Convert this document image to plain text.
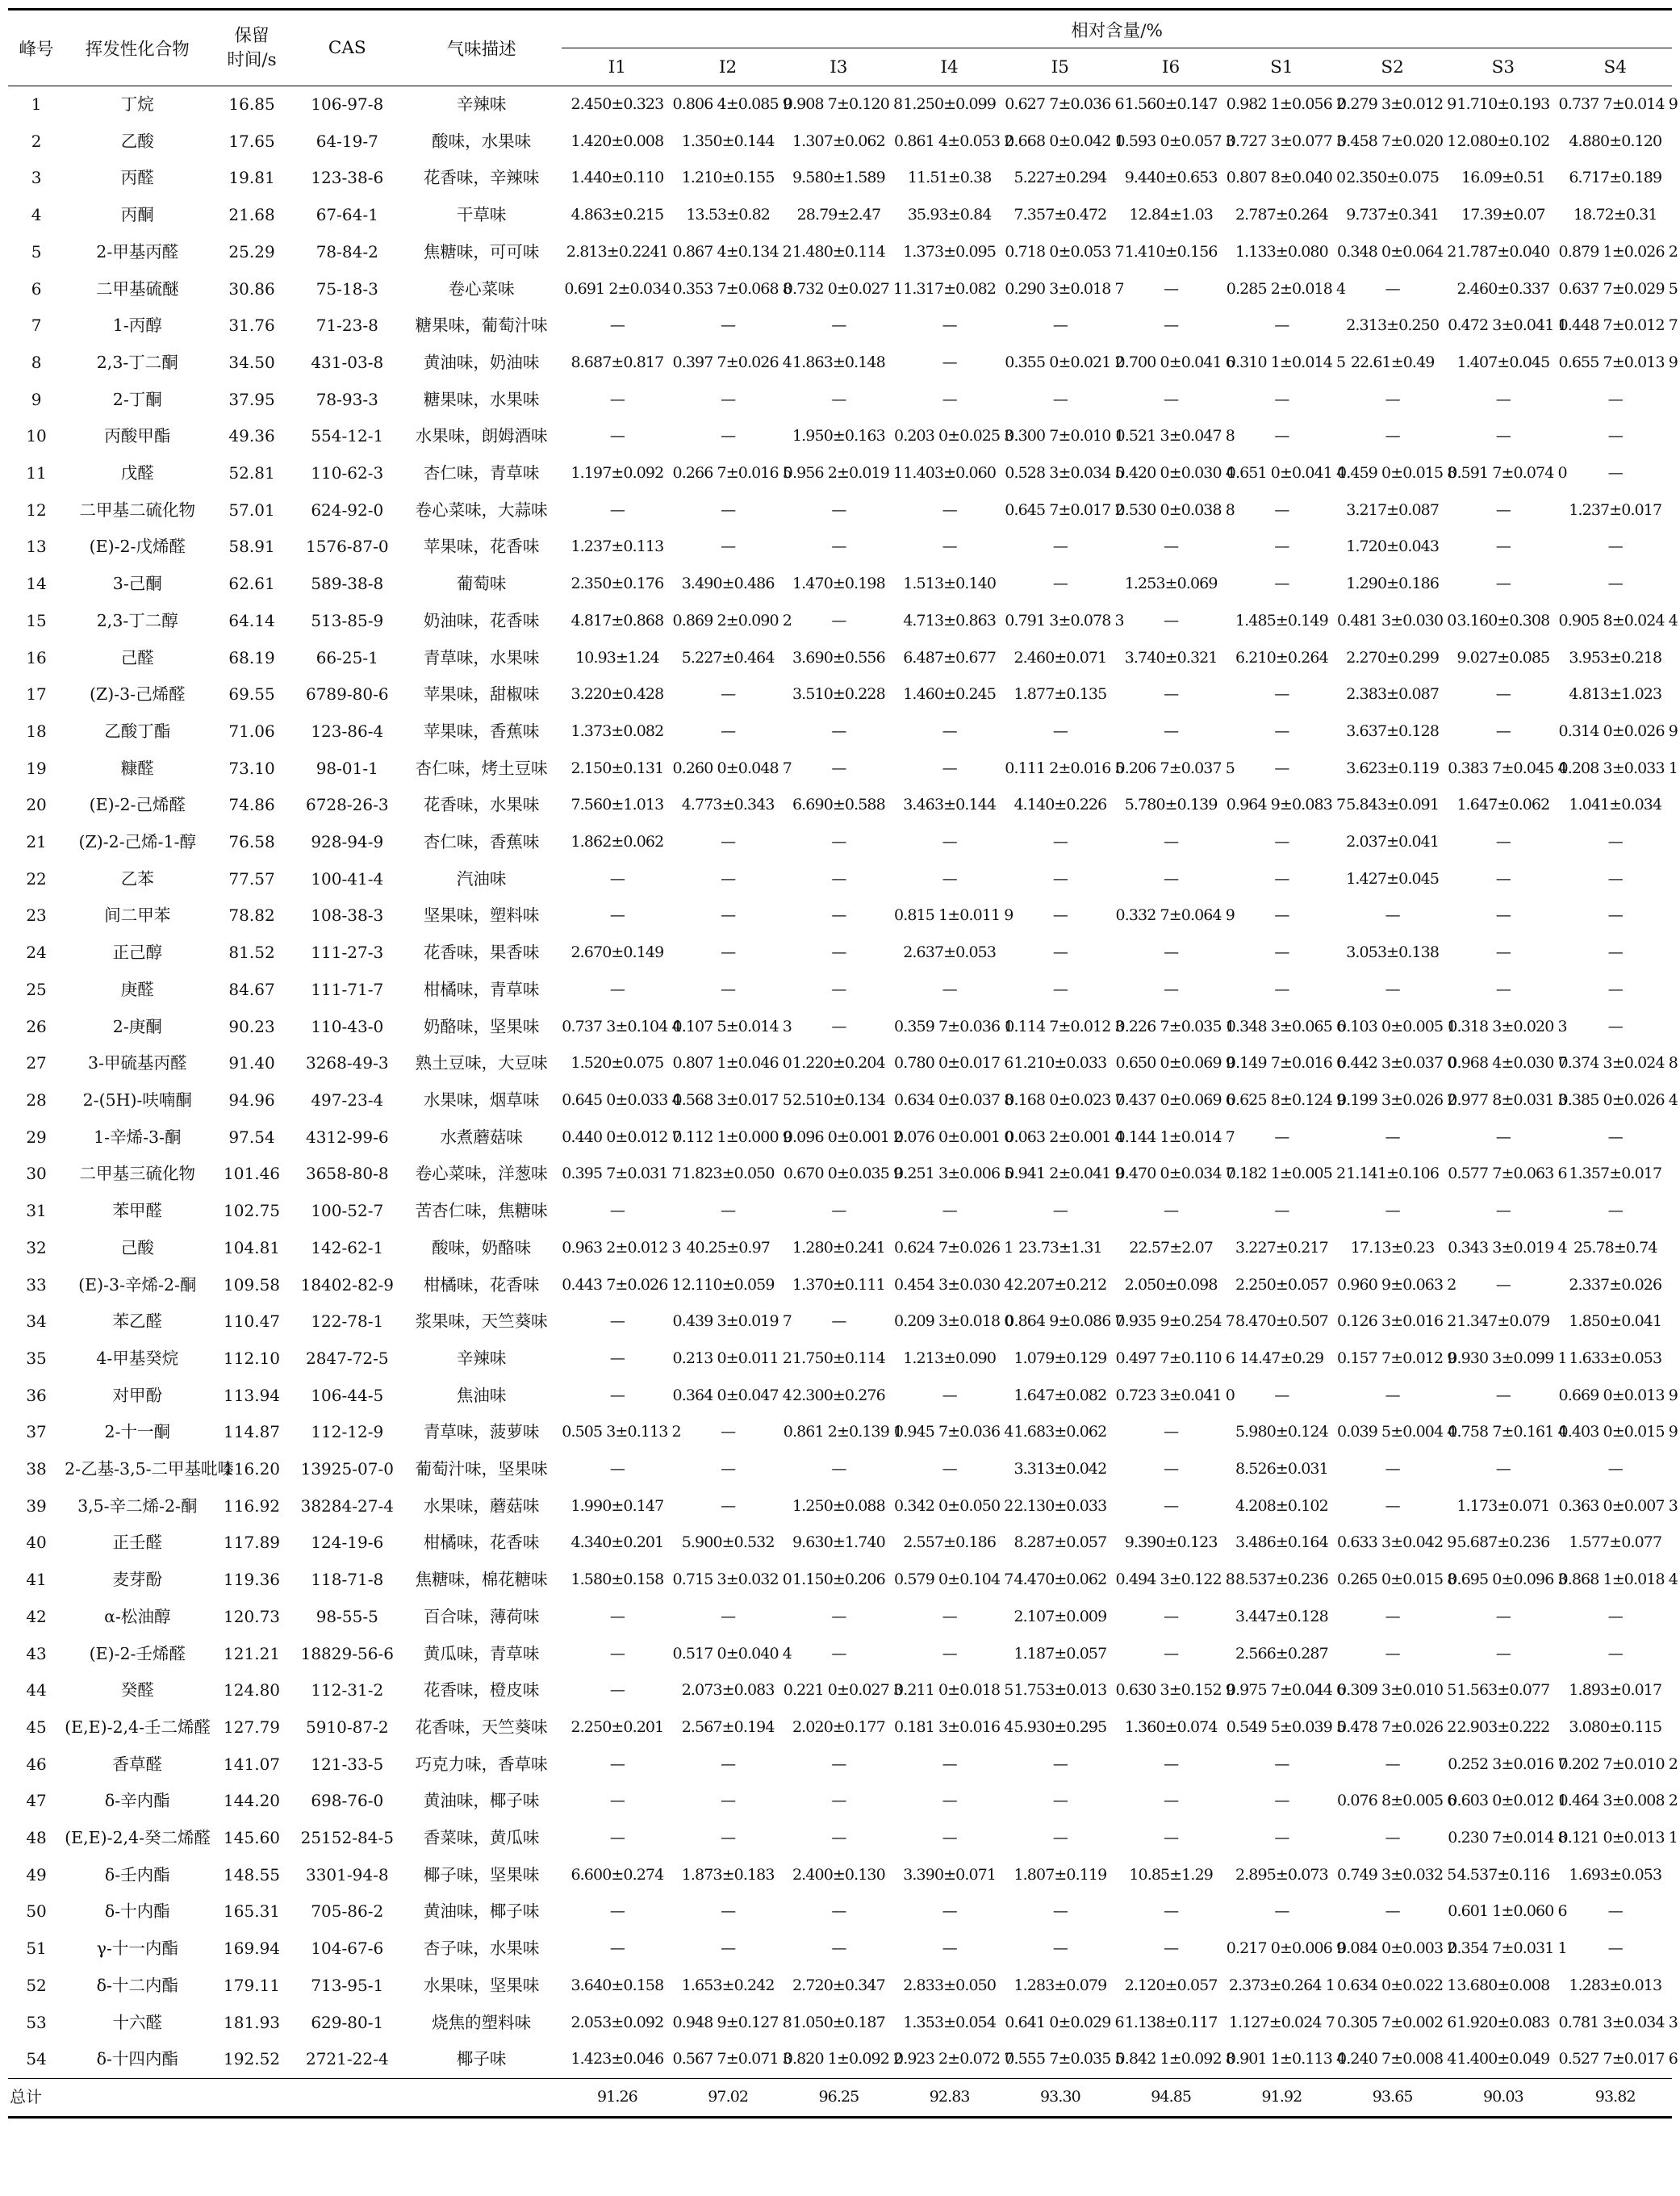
峰号	挥发性化合物	保留
时间/s	CAS	气味描述	相对含量/%									
					I1	I2	I3	I4	I5	I6	S1	S2	S3	S4
1	丁烷	16.85	106-97-8	辛辣味	2.450±0.323	0.806 4±0.085 9	0.908 7±0.120 8	1.250±0.099	0.627 7±0.036 6	1.560±0.147	0.982 1±0.056 2	0.279 3±0.012 9	1.710±0.193	0.737 7±0.014 9
2	乙酸	17.65	64-19-7	酸味，水果味	1.420±0.008	1.350±0.144	1.307±0.062	0.861 4±0.053 2	0.668 0±0.042 1	0.593 0±0.057 3	0.727 3±0.077 3	0.458 7±0.020 1	2.080±0.102	4.880±0.120
3	丙醛	19.81	123-38-6	花香味，辛辣味	1.440±0.110	1.210±0.155	9.580±1.589	11.51±0.38	5.227±0.294	9.440±0.653	0.807 8±0.040 0	2.350±0.075	16.09±0.51	6.717±0.189
4	丙酮	21.68	67-64-1	干草味	4.863±0.215	13.53±0.82	28.79±2.47	35.93±0.84	7.357±0.472	12.84±1.03	2.787±0.264	9.737±0.341	17.39±0.07	18.72±0.31
5	2-甲基丙醛	25.29	78-84-2	焦糖味，可可味	2.813±0.2241	0.867 4±0.134 2	1.480±0.114	1.373±0.095	0.718 0±0.053 7	1.410±0.156	1.133±0.080	0.348 0±0.064 2	1.787±0.040	0.879 1±0.026 2
6	二甲基硫醚	30.86	75-18-3	卷心菜味	0.691 2±0.034	0.353 7±0.068 8	0.732 0±0.027 1	1.317±0.082	0.290 3±0.018 7	—	0.285 2±0.018 4	—	2.460±0.337	0.637 7±0.029 5
7	1-丙醇	31.76	71-23-8	糖果味，葡萄汁味	—	—	—	—	—	—	—	2.313±0.250	0.472 3±0.041 1	0.448 7±0.012 7
8	2,3-丁二酮	34.50	431-03-8	黄油味，奶油味	8.687±0.817	0.397 7±0.026 4	1.863±0.148	—	0.355 0±0.021 2	0.700 0±0.041 6	0.310 1±0.014 5	22.61±0.49	1.407±0.045	0.655 7±0.013 9
9	2-丁酮	37.95	78-93-3	糖果味，水果味	—	—	—	—	—	—	—	—	—	—
10	丙酸甲酯	49.36	554-12-1	水果味，朗姆酒味	—	—	1.950±0.163	0.203 0±0.025 3	0.300 7±0.010 1	0.521 3±0.047 8	—	—	—	—
11	戊醛	52.81	110-62-3	杏仁味，青草味	1.197±0.092	0.266 7±0.016 5	0.956 2±0.019 1	1.403±0.060	0.528 3±0.034 5	0.420 0±0.030 4	0.651 0±0.041 4	0.459 0±0.015 8	0.591 7±0.074 0	—
12	二甲基二硫化物	57.01	624-92-0	卷心菜味，大蒜味	—	—	—	—	0.645 7±0.017 2	0.530 0±0.038 8	—	3.217±0.087	—	1.237±0.017
13	(E)-2-戊烯醛	58.91	1576-87-0	苹果味，花香味	1.237±0.113	—	—	—	—	—	—	1.720±0.043	—	—
14	3-己酮	62.61	589-38-8	葡萄味	2.350±0.176	3.490±0.486	1.470±0.198	1.513±0.140	—	1.253±0.069	—	1.290±0.186	—	—
15	2,3-丁二醇	64.14	513-85-9	奶油味，花香味	4.817±0.868	0.869 2±0.090 2	—	4.713±0.863	0.791 3±0.078 3	—	1.485±0.149	0.481 3±0.030 0	3.160±0.308	0.905 8±0.024 4
16	己醛	68.19	66-25-1	青草味，水果味	10.93±1.24	5.227±0.464	3.690±0.556	6.487±0.677	2.460±0.071	3.740±0.321	6.210±0.264	2.270±0.299	9.027±0.085	3.953±0.218
17	(Z)-3-己烯醛	69.55	6789-80-6	苹果味，甜椒味	3.220±0.428	—	3.510±0.228	1.460±0.245	1.877±0.135	—	—	2.383±0.087	—	4.813±1.023
18	乙酸丁酯	71.06	123-86-4	苹果味，香蕉味	1.373±0.082	—	—	—	—	—	—	3.637±0.128	—	0.314 0±0.026 9
19	糠醛	73.10	98-01-1	杏仁味，烤土豆味	2.150±0.131	0.260 0±0.048 7	—	—	0.111 2±0.016 5	0.206 7±0.037 5	—	3.623±0.119	0.383 7±0.045 4	0.208 3±0.033 1
20	(E)-2-己烯醛	74.86	6728-26-3	花香味，水果味	7.560±1.013	4.773±0.343	6.690±0.588	3.463±0.144	4.140±0.226	5.780±0.139	0.964 9±0.083 7	5.843±0.091	1.647±0.062	1.041±0.034
21	(Z)-2-己烯-1-醇	76.58	928-94-9	杏仁味，香蕉味	1.862±0.062	—	—	—	—	—	—	2.037±0.041	—	—
22	乙苯	77.57	100-41-4	汽油味	—	—	—	—	—	—	—	1.427±0.045	—	—
23	间二甲苯	78.82	108-38-3	坚果味，塑料味	—	—	—	0.815 1±0.011 9	—	0.332 7±0.064 9	—	—	—	—
24	正己醇	81.52	111-27-3	花香味，果香味	2.670±0.149	—	—	2.637±0.053	—	—	—	3.053±0.138	—	—
25	庚醛	84.67	111-71-7	柑橘味，青草味	—	—	—	—	—	—	—	—	—	—
26	2-庚酮	90.23	110-43-0	奶酪味，坚果味	0.737 3±0.104 4	0.107 5±0.014 3	—	0.359 7±0.036 1	0.114 7±0.012 3	0.226 7±0.035 1	0.348 3±0.065 6	0.103 0±0.005 1	0.318 3±0.020 3	—
27	3-甲硫基丙醛	91.40	3268-49-3	熟土豆味，大豆味	1.520±0.075	0.807 1±0.046 0	1.220±0.204	0.780 0±0.017 6	1.210±0.033	0.650 0±0.069 9	0.149 7±0.016 6	0.442 3±0.037 0	0.968 4±0.030 7	0.374 3±0.024 8
28	2-(5H)-呋喃酮	94.96	497-23-4	水果味，烟草味	0.645 0±0.033 4	0.568 3±0.017 5	2.510±0.134	0.634 0±0.037 8	0.168 0±0.023 7	0.437 0±0.069 6	0.625 8±0.124 9	0.199 3±0.026 2	0.977 8±0.031 3	0.385 0±0.026 4
29	1-辛烯-3-酮	97.54	4312-99-6	水煮蘑菇味	0.440 0±0.012 7	0.112 1±0.000 9	0.096 0±0.001 2	0.076 0±0.001 0	0.063 2±0.001 4	0.144 1±0.014 7	—	—	—	—
30	二甲基三硫化物	101.46	3658-80-8	卷心菜味，洋葱味	0.395 7±0.031 7	1.823±0.050	0.670 0±0.035 9	0.251 3±0.006 5	0.941 2±0.041 9	0.470 0±0.034 7	0.182 1±0.005 2	1.141±0.106	0.577 7±0.063 6	1.357±0.017
31	苯甲醛	102.75	100-52-7	苦杏仁味，焦糖味	—	—	—	—	—	—	—	—	—	—
32	己酸	104.81	142-62-1	酸味，奶酪味	0.963 2±0.012 3	40.25±0.97	1.280±0.241	0.624 7±0.026 1	23.73±1.31	22.57±2.07	3.227±0.217	17.13±0.23	0.343 3±0.019 4	25.78±0.74
33	(E)-3-辛烯-2-酮	109.58	18402-82-9	柑橘味，花香味	0.443 7±0.026 1	2.110±0.059	1.370±0.111	0.454 3±0.030 4	2.207±0.212	2.050±0.098	2.250±0.057	0.960 9±0.063 2	—	2.337±0.026
34	苯乙醛	110.47	122-78-1	浆果味，天竺葵味	—	0.439 3±0.019 7	—	0.209 3±0.018 0	0.864 9±0.086 7	0.935 9±0.254 7	8.470±0.507	0.126 3±0.016 2	1.347±0.079	1.850±0.041
35	4-甲基癸烷	112.10	2847-72-5	辛辣味	—	0.213 0±0.011 2	1.750±0.114	1.213±0.090	1.079±0.129	0.497 7±0.110 6	14.47±0.29	0.157 7±0.012 9	0.930 3±0.099 1	1.633±0.053
36	对甲酚	113.94	106-44-5	焦油味	—	0.364 0±0.047 4	2.300±0.276	—	1.647±0.082	0.723 3±0.041 0	—	—	—	0.669 0±0.013 9
37	2-十一酮	114.87	112-12-9	青草味，菠萝味	0.505 3±0.113 2	—	0.861 2±0.139 1	0.945 7±0.036 4	1.683±0.062	—	5.980±0.124	0.039 5±0.004 4	0.758 7±0.161 4	0.403 0±0.015 9
38	2-乙基-3,5-二甲基吡嗪	116.20	13925-07-0	葡萄汁味，坚果味	—	—	—	—	3.313±0.042	—	8.526±0.031	—	—	—
39	3,5-辛二烯-2-酮	116.92	38284-27-4	水果味，蘑菇味	1.990±0.147	—	1.250±0.088	0.342 0±0.050 2	2.130±0.033	—	4.208±0.102	—	1.173±0.071	0.363 0±0.007 3
40	正壬醛	117.89	124-19-6	柑橘味，花香味	4.340±0.201	5.900±0.532	9.630±1.740	2.557±0.186	8.287±0.057	9.390±0.123	3.486±0.164	0.633 3±0.042 9	5.687±0.236	1.577±0.077
41	麦芽酚	119.36	118-71-8	焦糖味，棉花糖味	1.580±0.158	0.715 3±0.032 0	1.150±0.206	0.579 0±0.104 7	4.470±0.062	0.494 3±0.122 8	8.537±0.236	0.265 0±0.015 8	0.695 0±0.096 3	0.868 1±0.018 4
42	α-松油醇	120.73	98-55-5	百合味，薄荷味	—	—	—	—	2.107±0.009	—	3.447±0.128	—	—	—
43	(E)-2-壬烯醛	121.21	18829-56-6	黄瓜味，青草味	—	0.517 0±0.040 4	—	—	1.187±0.057	—	2.566±0.287	—	—	—
44	癸醛	124.80	112-31-2	花香味，橙皮味	—	2.073±0.083	0.221 0±0.027 3	0.211 0±0.018 5	1.753±0.013	0.630 3±0.152 9	0.975 7±0.044 6	0.309 3±0.010 5	1.563±0.077	1.893±0.017
45	(E,E)-2,4-壬二烯醛	127.79	5910-87-2	花香味，天竺葵味	2.250±0.201	2.567±0.194	2.020±0.177	0.181 3±0.016 4	5.930±0.295	1.360±0.074	0.549 5±0.039 5	0.478 7±0.026 2	2.903±0.222	3.080±0.115
46	香草醛	141.07	121-33-5	巧克力味，香草味	—	—	—	—	—	—	—	—	0.252 3±0.016 7	0.202 7±0.010 2
47	δ-辛内酯	144.20	698-76-0	黄油味，椰子味	—	—	—	—	—	—	—	0.076 8±0.005 6	0.603 0±0.012 1	0.464 3±0.008 2
48	(E,E)-2,4-癸二烯醛	145.60	25152-84-5	香菜味，黄瓜味	—	—	—	—	—	—	—	—	0.230 7±0.014 8	0.121 0±0.013 1
49	δ-壬内酯	148.55	3301-94-8	椰子味，坚果味	6.600±0.274	1.873±0.183	2.400±0.130	3.390±0.071	1.807±0.119	10.85±1.29	2.895±0.073	0.749 3±0.032 5	4.537±0.116	1.693±0.053
50	δ-十内酯	165.31	705-86-2	黄油味，椰子味	—	—	—	—	—	—	—	—	0.601 1±0.060 6	—
51	γ-十一内酯	169.94	104-67-6	杏子味，水果味	—	—	—	—	—	—	0.217 0±0.006 9	0.084 0±0.003 2	0.354 7±0.031 1	—
52	δ-十二内酯	179.11	713-95-1	水果味，坚果味	3.640±0.158	1.653±0.242	2.720±0.347	2.833±0.050	1.283±0.079	2.120±0.057	2.373±0.264 1	0.634 0±0.022 1	3.680±0.008	1.283±0.013
53	十六醛	181.93	629-80-1	烧焦的塑料味	2.053±0.092	0.948 9±0.127 8	1.050±0.187	1.353±0.054	0.641 0±0.029 6	1.138±0.117	1.127±0.024 7	0.305 7±0.002 6	1.920±0.083	0.781 3±0.034 3
54	δ-十四内酯	192.52	2721-22-4	椰子味	1.423±0.046	0.567 7±0.071 3	0.820 1±0.092 2	0.923 2±0.072 7	0.555 7±0.035 5	0.842 1±0.092 8	0.901 1±0.113 4	0.240 7±0.008 4	1.400±0.049	0.527 7±0.017 6
总计					91.26	97.02	96.25	92.83	93.30	94.85	91.92	93.65	90.03	93.82
